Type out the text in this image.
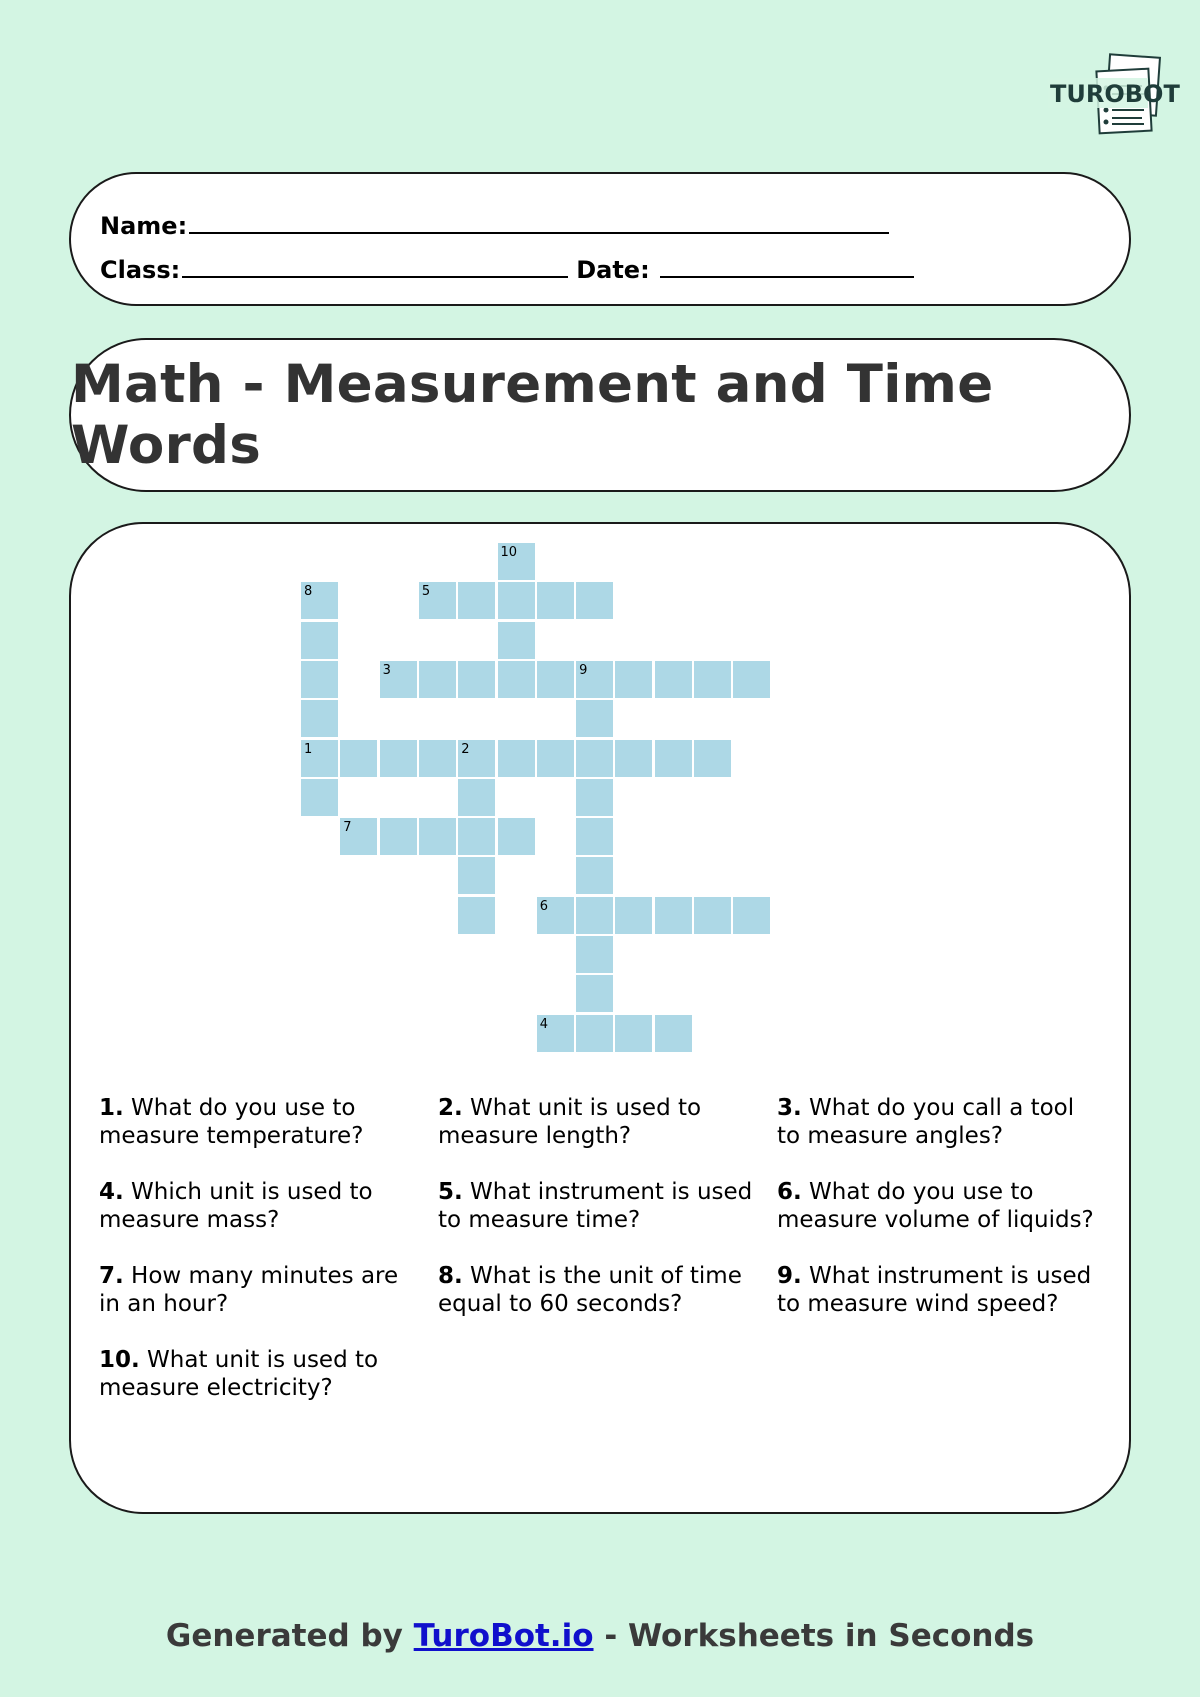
TUROBOT
Name:
Class:	Date:
Math - Measurement and Time Words
1	2
3	9
4
5
6
7
8
10
1. What do you use to measure temperature?
2. What unit is used to measure length?
3. What do you call a tool to measure angles?
4. Which unit is used to measure mass?
5. What instrument is used to measure time?
6. What do you use to measure volume of liquids?
7. How many minutes are in an hour?
8. What is the unit of time equal to 60 seconds?
9. What instrument is used to measure wind speed?
10. What unit is used to measure electricity?
Generated by TuroBot.io - Worksheets in Seconds
